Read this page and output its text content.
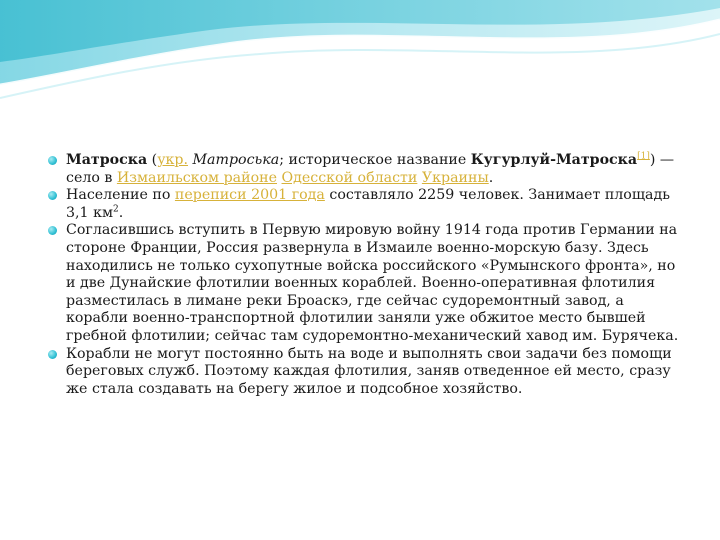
Матроска (укр. Матроська; историческое название Кугурлуй-Матроска[1]) — село в Измаильском районе Одесской области Украины.
Население по переписи 2001 года составляло 2259 человек. Занимает площадь 3,1 $км^2$.
Согласившись вступить в Первую мировую войну 1914 года против Германии на стороне Франции, Россия развернула в Измаиле военно-морскую базу. Здесь находились не только сухопутные войска российского «Румынского фронта», но и две Дунайские флотилии военных кораблей. Военно-оперативная флотилия разместилась в лимане реки Броаскэ, где сейчас судоремонтный завод, а корабли военно-транспортной флотилии заняли уже обжитое место бывшей гребной флотилии; сейчас там судоремонтно-механический хавод им. Бурячека.
Корабли не могут постоянно быть на воде и выполнять свои задачи без помощи береговых служб. Поэтому каждая флотилия, заняв отведенное ей место, сразу же стала создавать на берегу жилое и подсобное хозяйство.
